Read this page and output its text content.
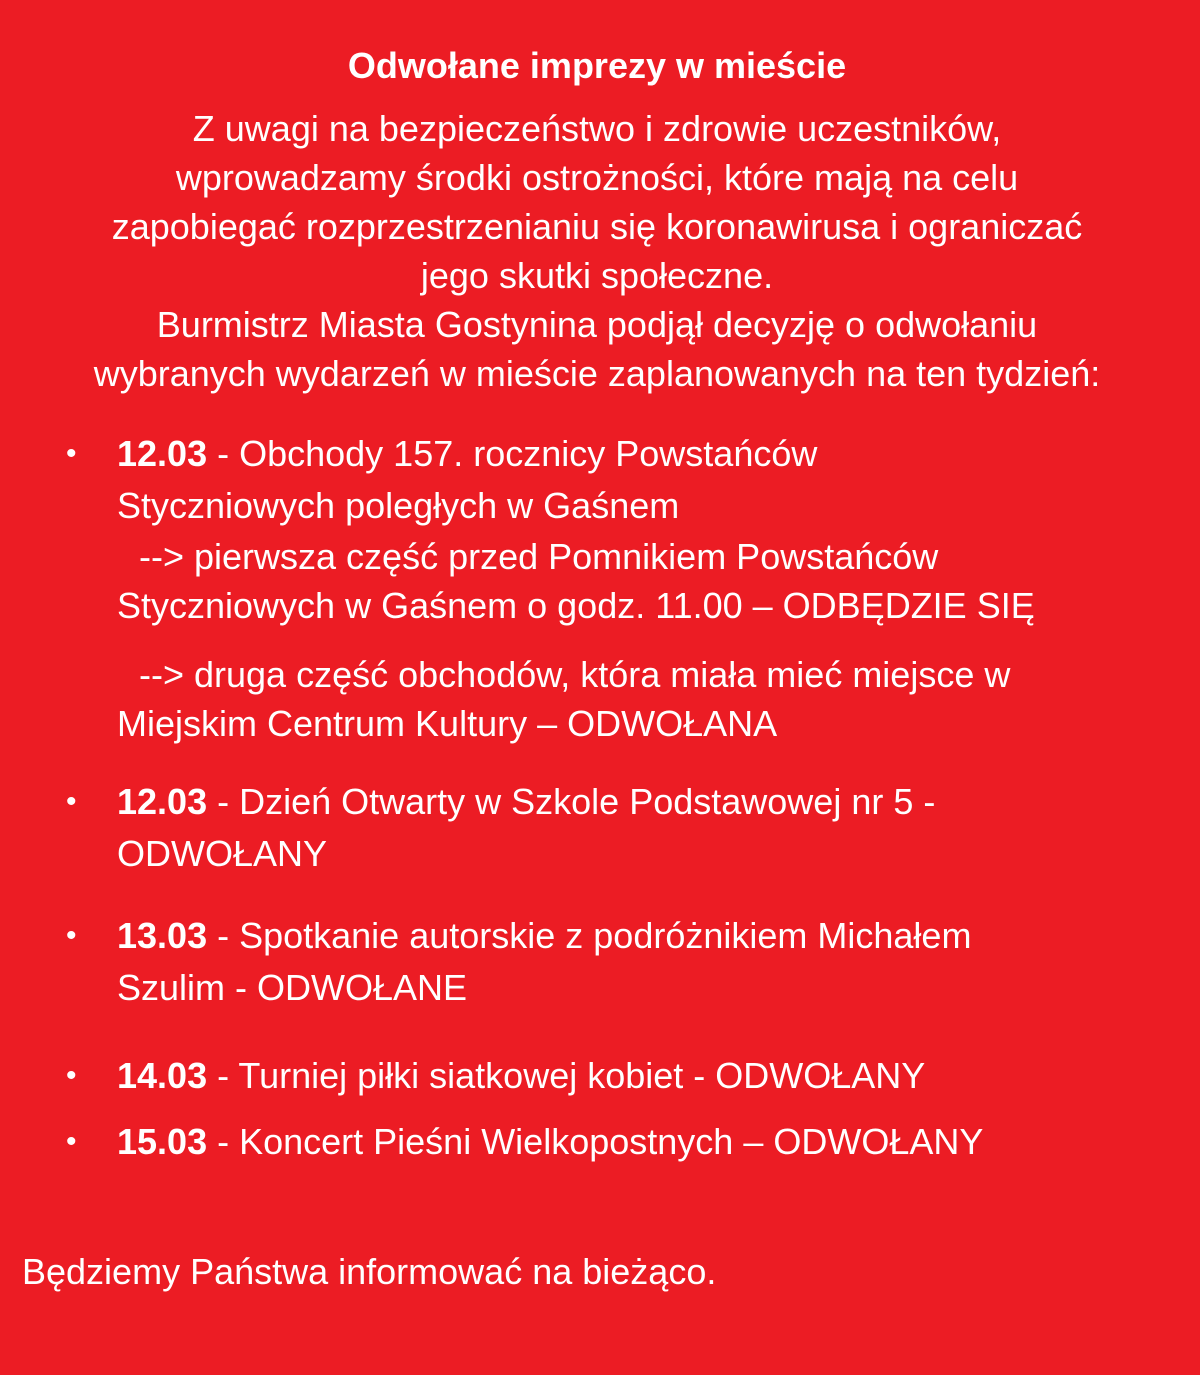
Odwołane imprezy w mieście

Z uwagi na bezpieczeństwo i zdrowie uczestników,
wprowadzamy środki ostrożności, które mają na celu
zapobiegać rozprzestrzenianiu się koronawirusa i ograniczać
jego skutki społeczne.
Burmistrz Miasta Gostynina podjął decyzję o odwołaniu
wybranych wydarzeń w mieście zaplanowanych na ten tydzień:

• 12.03 - Obchody 157. rocznicy Powstańców
Styczniowych poległych w Gaśnem
--> pierwsza część przed Pomnikiem Powstańców
Styczniowych w Gaśnem o godz. 11.00 – ODBĘDZIE SIĘ
--> druga część obchodów, która miała mieć miejsce w
Miejskim Centrum Kultury – ODWOŁANA
• 12.03 - Dzień Otwarty w Szkole Podstawowej nr 5 -
ODWOŁANY
• 13.03 - Spotkanie autorskie z podróżnikiem Michałem
Szulim - ODWOŁANE
• 14.03 - Turniej piłki siatkowej kobiet - ODWOŁANY
• 15.03 - Koncert Pieśni Wielkopostnych – ODWOŁANY

Będziemy Państwa informować na bieżąco.
